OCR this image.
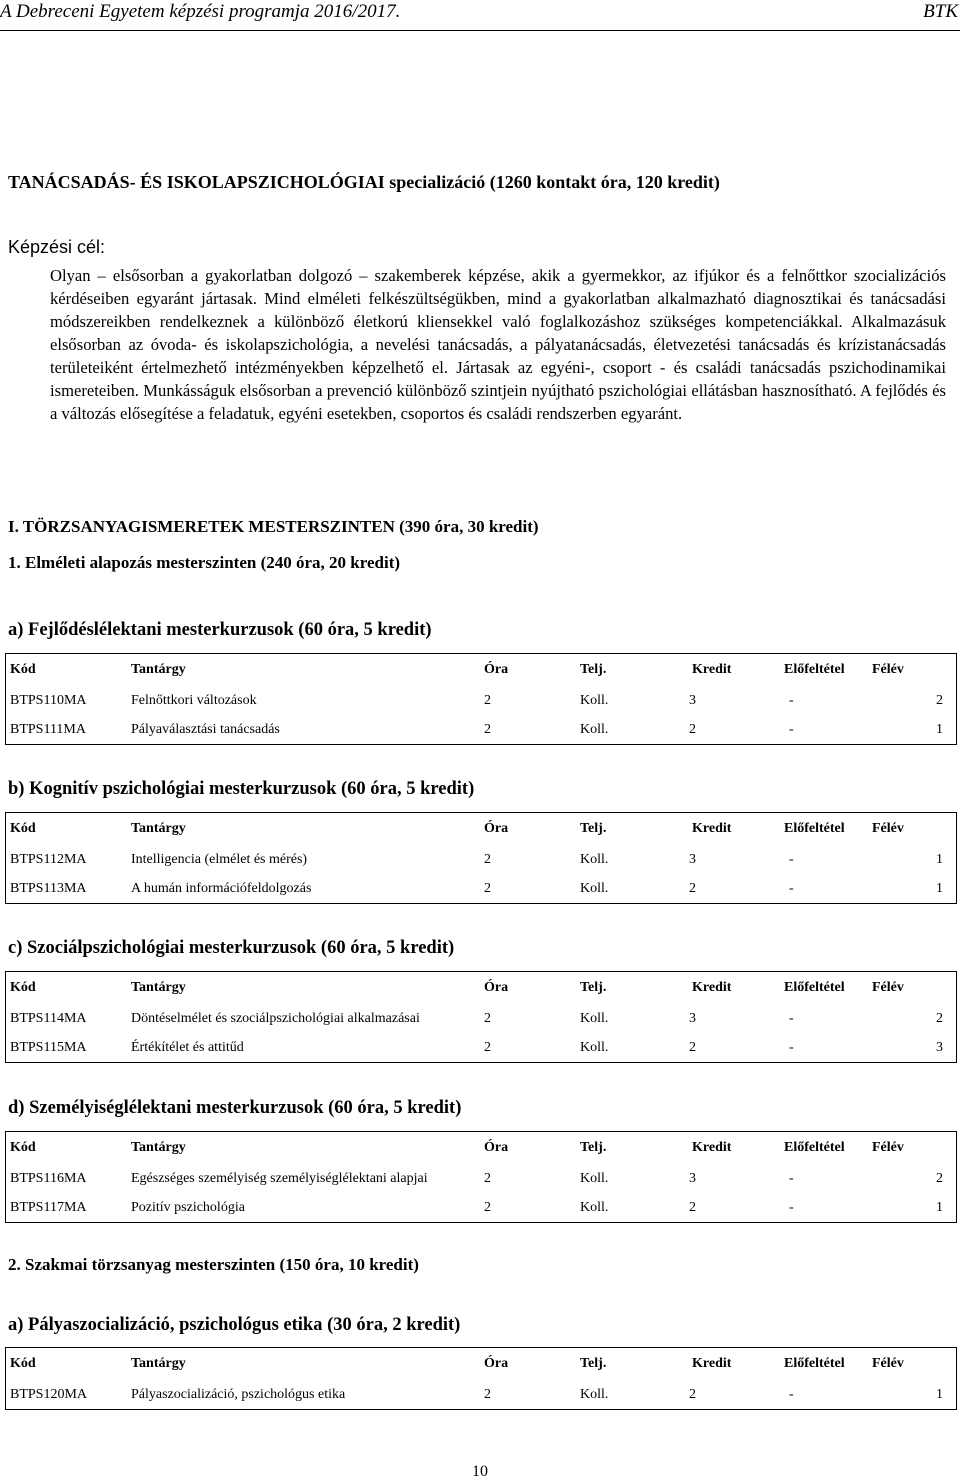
A Debreceni Egyetem képzési programja 2016/2017.	BTK
TANÁCSADÁS- ÉS ISKOLAPSZICHOLÓGIAI specializáció (1260 kontakt óra, 120 kredit)
Képzési cél:

Olyan – elsősorban a gyakorlatban dolgozó – szakemberek képzése, akik a gyermekkor, az ifjúkor és a felnőttkor szocializációs kérdéseiben egyaránt jártasak. Mind elméleti felkészültségükben, mind a gyakorlatban alkalmazható diagnosztikai és tanácsadási módszereikben rendelkeznek a különböző életkorú kliensekkel való foglalkozáshoz szükséges kompetenciákkal. Alkalmazásuk elsősorban az óvoda- és iskolapszichológia, a nevelési tanácsadás, a pályatanácsadás, életvezetési tanácsadás és krízistanácsadás területeiként értelmezhető intézményekben képzelhető el. Jártasak az egyéni-, csoport - és családi tanácsadás pszichodinamikai ismereteiben. Munkásságuk elsősorban a prevenció különböző szintjein nyújtható pszichológiai ellátásban hasznosítható. A fejlődés és a változás elősegítése a feladatuk, egyéni esetekben, csoportos és családi rendszerben egyaránt.

I. TÖRZSANYAGISMERETEK MESTERSZINTEN (390 óra, 30 kredit)
1. Elméleti alapozás mesterszinten (240 óra, 20 kredit)
a) Fejlődéslélektani mesterkurzusok (60 óra, 5 kredit)
Kód	Tantárgy	Óra	Telj.	Kredit	Előfeltétel Félév
BTPS110MA	Felnőttkori változások	2	Koll.	3	-	2
BTPS111MA	Pályaválasztási tanácsadás	2	Koll.	2	-	1
b) Kognitív pszichológiai mesterkurzusok (60 óra, 5 kredit)
Kód	Tantárgy	Óra	Telj.	Kredit	Előfeltétel Félév
BTPS112MA	Intelligencia (elmélet és mérés)	2	Koll.	3	-	1
BTPS113MA	A humán információfeldolgozás	2	Koll.	2	-	1
c) Szociálpszichológiai mesterkurzusok (60 óra, 5 kredit)
Kód	Tantárgy	Óra	Telj.	Kredit	Előfeltétel Félév
BTPS114MA	Döntéselmélet és szociálpszichológiai alkalmazásai	2	Koll.	3	-	2
BTPS115MA	Értékítélet és attitűd	2	Koll.	2	-	3
d) Személyiséglélektani mesterkurzusok (60 óra, 5 kredit)
Kód	Tantárgy	Óra	Telj.	Kredit	Előfeltétel Félév
BTPS116MA	Egészséges személyiség személyiséglélektani alapjai	2	Koll.	3	-	2
BTPS117MA	Pozitív pszichológia	2	Koll.	2	-	1
2. Szakmai törzsanyag mesterszinten (150 óra, 10 kredit)
a) Pályaszocializáció, pszichológus etika (30 óra, 2 kredit)
Kód	Tantárgy	Óra	Telj.	Kredit	Előfeltétel Félév
BTPS120MA	Pályaszocializáció, pszichológus etika	2	Koll.	2	-	1
10
